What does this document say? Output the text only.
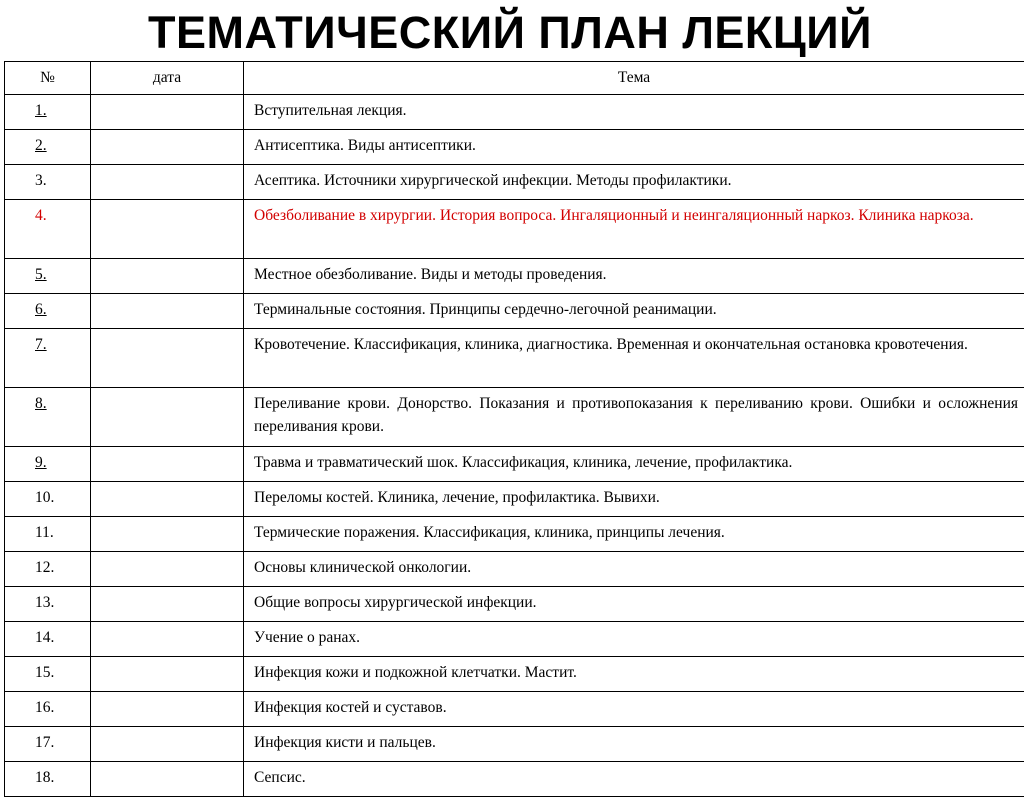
ТЕМАТИЧЕСКИЙ ПЛАН ЛЕКЦИЙ
№	дата	Тема
1.		Вступительная лекция.
2.		Антисептика. Виды антисептики.
3.		Асептика. Источники хирургической инфекции. Методы профилактики.
4.		Обезболивание в хирургии. История вопроса. Ингаляционный и неингаляционный наркоз. Клиника наркоза.
5.		Местное обезболивание. Виды и методы проведения.
6.		Терминальные состояния. Принципы сердечно-легочной реанимации.
7.		Кровотечение. Классификация, клиника, диагностика. Временная и окончательная остановка кровотечения.
8.		Переливание крови. Донорство. Показания и противопоказания к переливанию крови. Ошибки и осложнения переливания крови.
9.		Травма и травматический шок. Классификация, клиника, лечение, профилактика.
10.		Переломы костей. Клиника, лечение, профилактика. Вывихи.
11.		Термические поражения. Классификация, клиника, принципы лечения.
12.		Основы клинической онкологии.
13.		Общие вопросы хирургической инфекции.
14.		Учение о ранах.
15.		Инфекция кожи и подкожной клетчатки. Мастит.
16.		Инфекция костей и суставов.
17.		Инфекция кисти и пальцев.
18.		Сепсис.
